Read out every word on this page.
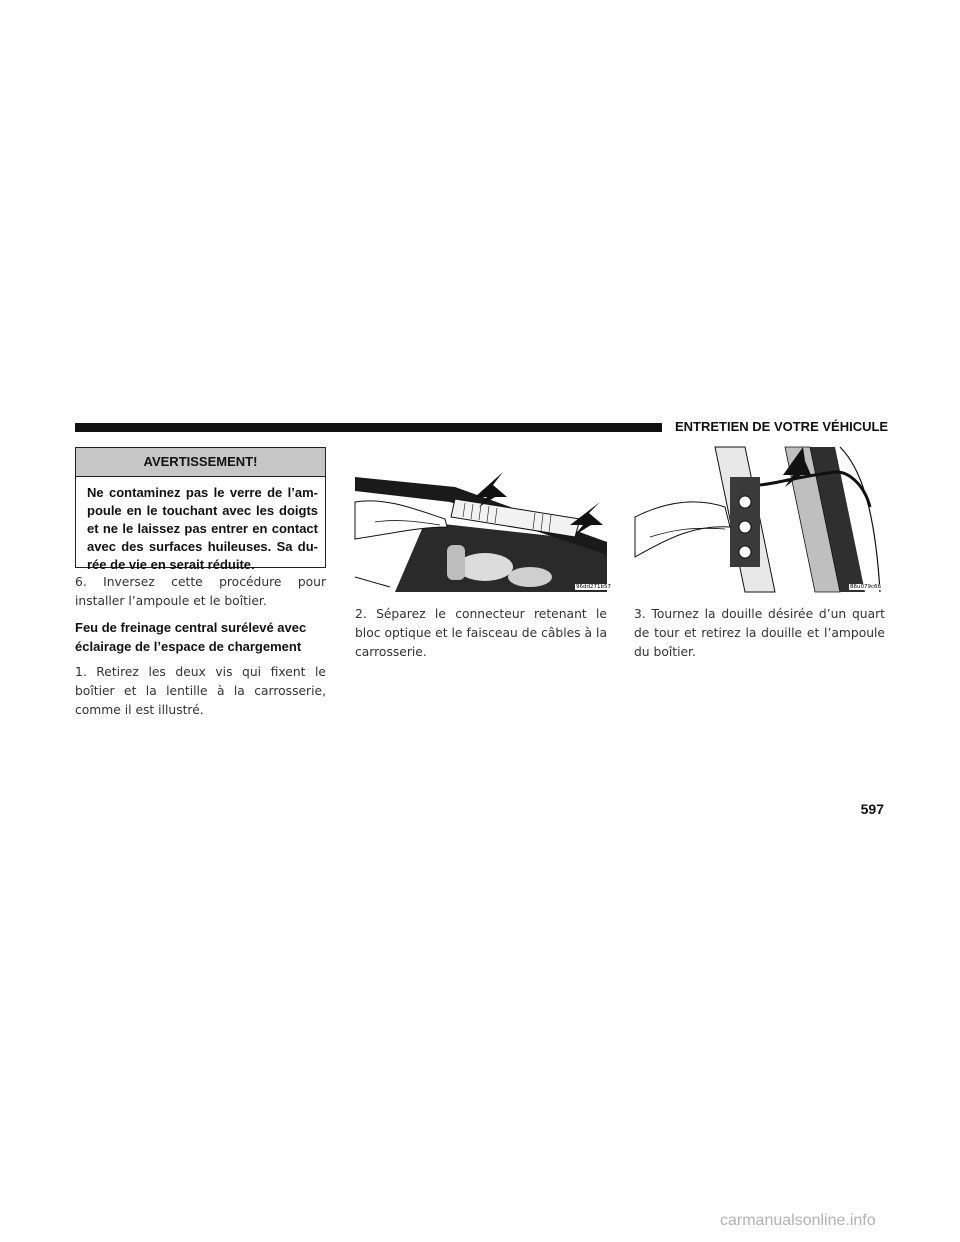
ENTRETIEN DE VOTRE VÉHICULE
AVERTISSEMENT!
Ne contaminez pas le verre de l’ampoule en le touchant avec les doigts et ne le laissez pas entrer en contact avec des surfaces huileuses. Sa durée de vie en serait réduite.

6. Inversez cette procédure pour installer l’ampoule et le boîtier.

Feu de freinage central surélevé avec éclairage de l’espace de chargement

1. Retirez les deux vis qui fixent le boîtier et la lentille à la carrosserie, comme il est illustré.

96dd271b57

2. Séparez le connecteur retenant le bloc optique et le faisceau de câbles à la carrosserie.

86u079c66

3. Tournez la douille désirée d’un quart de tour et retirez la douille et l’ampoule du boîtier.

597
carmanualsonline.info
